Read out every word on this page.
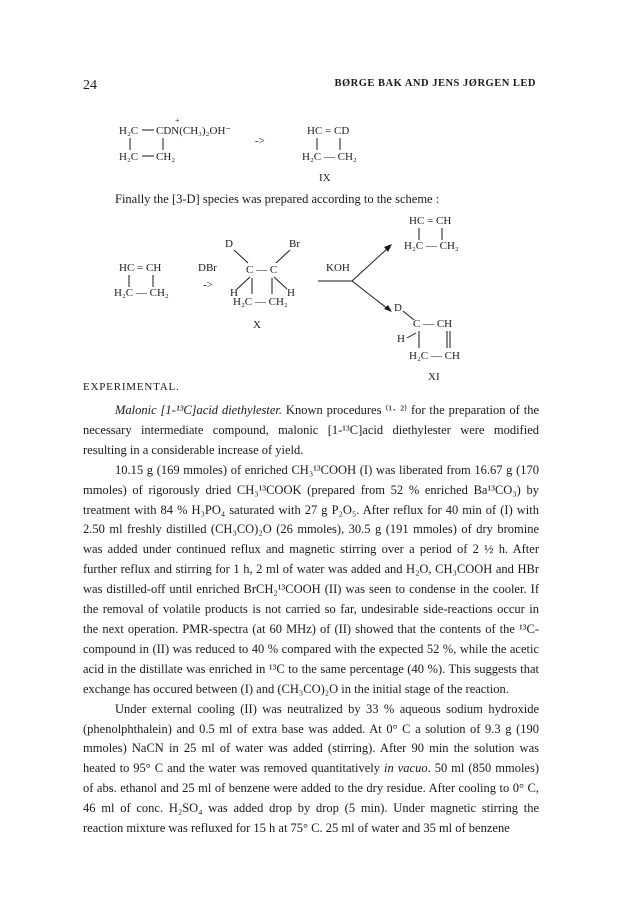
24	BØRGE BAK AND JENS JØRGEN LED
H₂C CDN(CH₃)₂OH⁻
+
H₂C CH₂
->
HC = CD
H₂C — CH₂
IX
HC = CH
H₂C — CH₂
DBr
->
D	Br
C — C
H	H
H₂C — CH₂
X
KOH
HC = CH
H₂C — CH₂
D
C — CH
H
H₂C — CH
XI
Finally the [3-D] species was prepared according to the scheme :
EXPERIMENTAL.

Malonic [1-¹³C]acid diethylester. Known procedures ⁽¹· ²⁾ for the preparation of the necessary intermediate compound, malonic [1-¹³C]acid diethylester were modified resulting in a considerable increase of yield.

10.15 g (169 mmoles) of enriched CH₃¹³COOH (I) was liberated from 16.67 g (170 mmoles) of rigorously dried CH₃¹³COOK (prepared from 52 % enriched Ba¹³CO₃) by treatment with 84 % H₃PO₄ saturated with 27 g P₂O₅. After reflux for 40 min of (I) with 2.50 ml freshly distilled (CH₃CO)₂O (26 mmoles), 30.5 g (191 mmoles) of dry bromine was added under continued reflux and magnetic stirring over a period of 2 ½ h. After further reflux and stirring for 1 h, 2 ml of water was added and H₂O, CH₃COOH and HBr was distilled-off until enriched BrCH₂¹³COOH (II) was seen to condense in the cooler. If the removal of volatile products is not carried so far, undesirable side-reactions occur in the next operation. PMR-spectra (at 60 MHz) of (II) showed that the contents of the ¹³C-compound in (II) was reduced to 40 % compared with the expected 52 %, while the acetic acid in the distillate was enriched in ¹³C to the same percentage (40 %). This suggests that exchange has occured between (I) and (CH₃CO)₂O in the initial stage of the reaction.

Under external cooling (II) was neutralized by 33 % aqueous sodium hydroxide (phenolphthalein) and 0.5 ml of extra base was added. At 0° C a solution of 9.3 g (190 mmoles) NaCN in 25 ml of water was added (stirring). After 90 min the solution was heated to 95° C and the water was removed quantitatively in vacuo. 50 ml (850 mmoles) of abs. ethanol and 25 ml of benzene were added to the dry residue. After cooling to 0° C, 46 ml of conc. H₂SO₄ was added drop by drop (5 min). Under magnetic stirring the reaction mixture was refluxed for 15 h at 75° C. 25 ml of water and 35 ml of benzene
